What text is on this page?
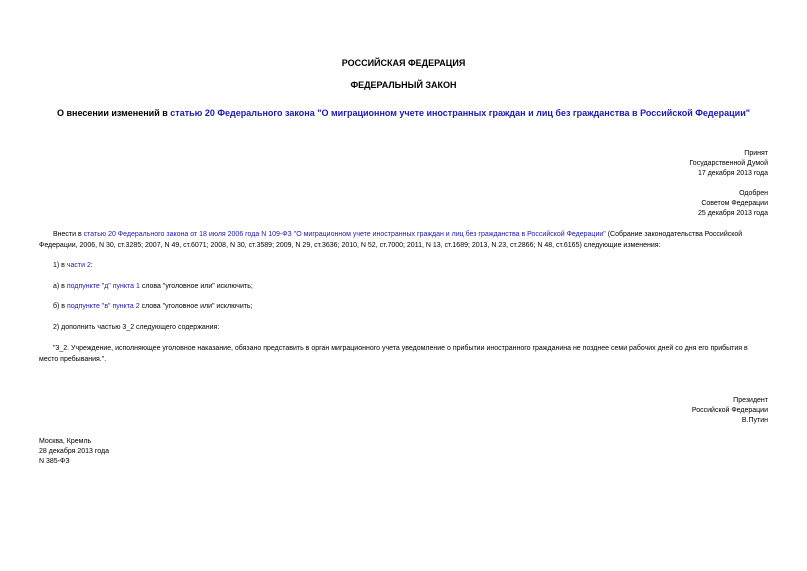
РОССИЙСКАЯ ФЕДЕРАЦИЯ
ФЕДЕРАЛЬНЫЙ ЗАКОН
О внесении изменений в статью 20 Федерального закона "О миграционном учете иностранных граждан и лиц без гражданства в Российской Федерации"
Принят
Государственной Думой
17 декабря 2013 года
Одобрен
Советом Федерации
25 декабря 2013 года
Внести в статью 20 Федерального закона от 18 июля 2006 года N 109-ФЗ "О миграционном учете иностранных граждан и лиц без гражданства в Российской Федерации" (Собрание законодательства Российской Федерации, 2006, N 30, ст.3285; 2007, N 49, ст.6071; 2008, N 30, ст.3589; 2009, N 29, ст.3636; 2010, N 52, ст.7000; 2011, N 13, ст.1689; 2013, N 23, ст.2866; N 48, ст.6165) следующие изменения:
1) в части 2:
а) в подпункте "д" пункта 1 слова "уголовное или" исключить;
б) в подпункте "в" пункта 2 слова "уголовное или" исключить;
2) дополнить частью 3_2 следующего содержания:
"3_2. Учреждение, исполняющее уголовное наказание, обязано представить в орган миграционного учета уведомление о прибытии иностранного гражданина не позднее семи рабочих дней со дня его прибытия в место пребывания.".
Президент
Российской Федерации
В.Путин
Москва, Кремль
28 декабря 2013 года
N 385-ФЗ
